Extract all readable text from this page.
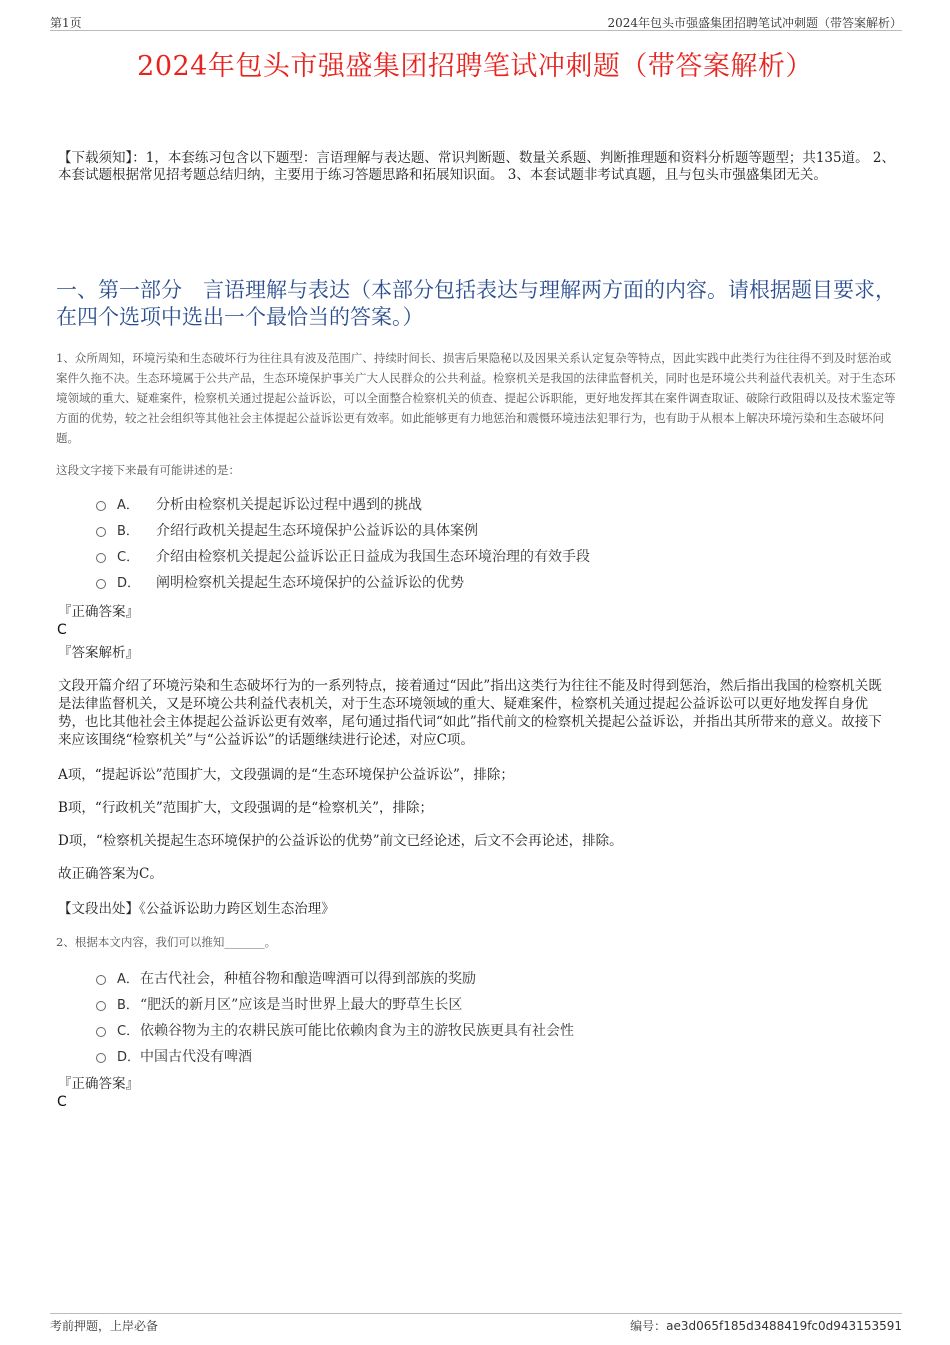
第1页	2024年包头市强盛集团招聘笔试冲刺题（带答案解析）
2024年包头市强盛集团招聘笔试冲刺题（带答案解析）
【下载须知】：1，本套练习包含以下题型：言语理解与表达题、常识判断题、数量关系题、判断推理题和资料分析题等题型；共135道。 2、本套试题根据常见招考题总结归纳，主要用于练习答题思路和拓展知识面。 3、本套试题非考试真题，且与包头市强盛集团无关。
一、第一部分　言语理解与表达（本部分包括表达与理解两方面的内容。请根据题目要求，在四个选项中选出一个最恰当的答案。）
1、众所周知，环境污染和生态破坏行为往往具有波及范围广、持续时间长、损害后果隐秘以及因果关系认定复杂等特点，因此实践中此类行为往往得不到及时惩治或案件久拖不决。生态环境属于公共产品，生态环境保护事关广大人民群众的公共利益。检察机关是我国的法律监督机关，同时也是环境公共利益代表机关。对于生态环境领域的重大、疑难案件，检察机关通过提起公益诉讼，可以全面整合检察机关的侦查、提起公诉职能，更好地发挥其在案件调查取证、破除行政阻碍以及技术鉴定等方面的优势，较之社会组织等其他社会主体提起公益诉讼更有效率。如此能够更有力地惩治和震慑环境违法犯罪行为，也有助于从根本上解决环境污染和生态破坏问题。
这段文字接下来最有可能讲述的是：
A． 分析由检察机关提起诉讼过程中遇到的挑战
B． 介绍行政机关提起生态环境保护公益诉讼的具体案例
C． 介绍由检察机关提起公益诉讼正日益成为我国生态环境治理的有效手段
D． 阐明检察机关提起生态环境保护的公益诉讼的优势
『正确答案』
C
『答案解析』
文段开篇介绍了环境污染和生态破坏行为的一系列特点，接着通过“因此”指出这类行为往往不能及时得到惩治，然后指出我国的检察机关既是法律监督机关，又是环境公共利益代表机关，对于生态环境领域的重大、疑难案件，检察机关通过提起公益诉讼可以更好地发挥自身优势，也比其他社会主体提起公益诉讼更有效率，尾句通过指代词“如此”指代前文的检察机关提起公益诉讼，并指出其所带来的意义。故接下来应该围绕“检察机关”与“公益诉讼”的话题继续进行论述，对应C项。
A项，“提起诉讼”范围扩大，文段强调的是“生态环境保护公益诉讼”，排除；
B项，“行政机关”范围扩大，文段强调的是“检察机关”，排除；
D项，“检察机关提起生态环境保护的公益诉讼的优势”前文已经论述，后文不会再论述，排除。
故正确答案为C。
【文段出处】《公益诉讼助力跨区划生态治理》
2、根据本文内容，我们可以推知_______。
A． 在古代社会，种植谷物和酿造啤酒可以得到部族的奖励
B． “肥沃的新月区”应该是当时世界上最大的野草生长区
C． 依赖谷物为主的农耕民族可能比依赖肉食为主的游牧民族更具有社会性
D． 中国古代没有啤酒
『正确答案』
C
考前押题，上岸必备	编号：ae3d065f185d3488419fc0d943153591
